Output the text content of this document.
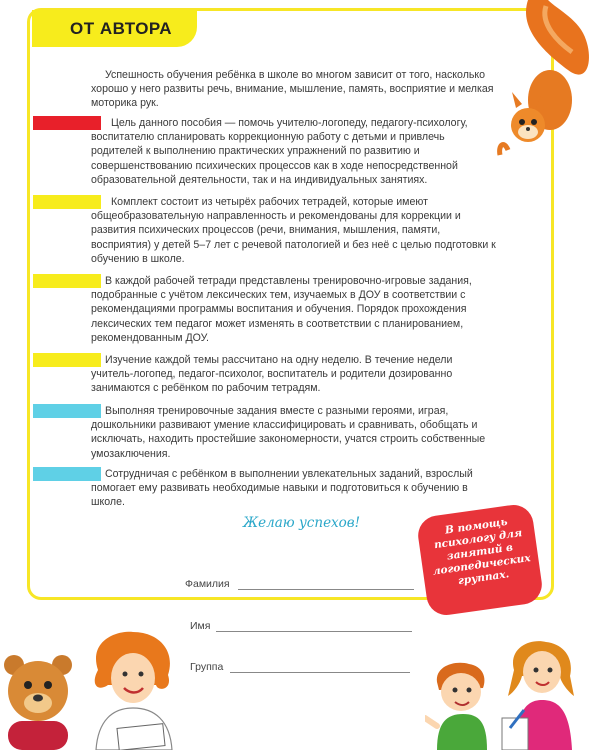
ОТ АВТОРА

Успешность обучения ребёнка в школе во многом зависит от того, насколько хорошо у него развиты речь, внимание, мышление, память, восприятие и мелкая моторика рук.

Цель данного пособия — помочь учителю-логопеду, педагогу-психологу, воспитателю спланировать коррекционную работу с детьми и привлечь родителей к выполнению практических упражнений по развитию и совершенствованию психических процессов как в ходе непосредственной образовательной деятельности, так и на индивидуальных занятиях.

Комплект состоит из четырёх рабочих тетрадей, которые имеют общеобразовательную направленность и рекомендованы для коррекции и развития психических процессов (речи, внимания, мышления, памяти, восприятия) у детей 5–7 лет с речевой патологией и без неё с целью подготовки к обучению в школе.

В каждой рабочей тетради представлены тренировочно-игровые задания, подобранные с учётом лексических тем, изучаемых в ДОУ в соответствии с рекомендациями программы воспитания и обучения. Порядок прохождения лексических тем педагог может изменять в соответствии с планированием, рекомендованным ДОУ.

Изучение каждой темы рассчитано на одну неделю. В течение недели учитель-логопед, педагог-психолог, воспитатель и родители дозированно занимаются с ребёнком по рабочим тетрадям.

Выполняя тренировочные задания вместе с разными героями, играя, дошкольники развивают умение классифицировать и сравнивать, обобщать и исключать, находить простейшие закономерности, учатся строить собственные умозаключения.

Сотрудничая с ребёнком в выполнении увлекательных заданий, взрослый помогает ему развивать необходимые навыки и подготовиться к обучению в школе.

Желаю успехов!	В помощь психологу для занятий в логопедических группах.
Фамилия
Имя
Группа
